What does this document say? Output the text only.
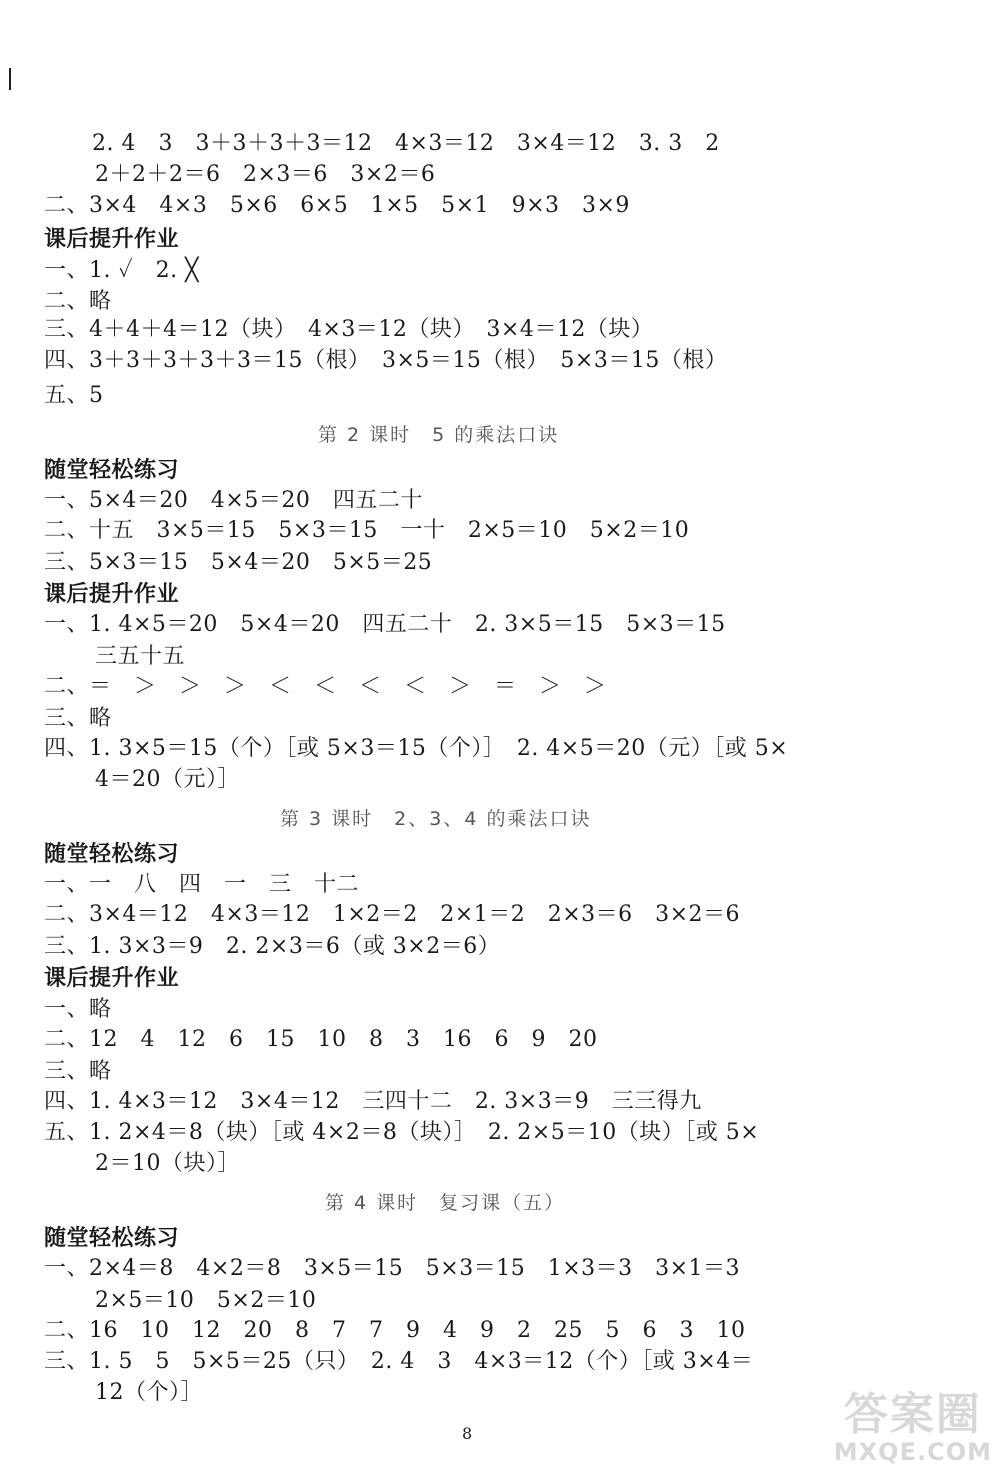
2. 4　3　3＋3＋3＋3＝12　4×3＝12　3×4＝12　3. 3　2
2＋2＋2＝6　2×3＝6　3×2＝6
二、3×4　4×3　5×6　6×5　1×5　5×1　9×3　3×9
课后提升作业
一、1. ✓　2. ╳
二、略
三、4＋4＋4＝12（块）　4×3＝12（块）　3×4＝12（块）
四、3＋3＋3＋3＋3＝15（根）　3×5＝15（根）　5×3＝15（根）
五、5
第 2 课时　5 的乘法口诀
随堂轻松练习
一、5×4＝20　4×5＝20　四五二十
二、十五　3×5＝15　5×3＝15　一十　2×5＝10　5×2＝10
三、5×3＝15　5×4＝20　5×5＝25
课后提升作业
一、1. 4×5＝20　5×4＝20　四五二十　2. 3×5＝15　5×3＝15
三五十五
二、＝　＞　＞　＞　＜　＜　＜　＜　＞　＝　＞　＞
三、略
四、1. 3×5＝15（个）［或 5×3＝15（个）］　2. 4×5＝20（元）［或 5×
4＝20（元）］
第 3 课时　2、3、4 的乘法口诀
随堂轻松练习
一、一　八　四　一　三　十二
二、3×4＝12　4×3＝12　1×2＝2　2×1＝2　2×3＝6　3×2＝6
三、1. 3×3＝9　2. 2×3＝6（或 3×2＝6）
课后提升作业
一、略
二、12　4　12　6　15　10　8　3　16　6　9　20
三、略
四、1. 4×3＝12　3×4＝12　三四十二　2. 3×3＝9　三三得九
五、1. 2×4＝8（块）［或 4×2＝8（块）］　2. 2×5＝10（块）［或 5×
2＝10（块）］
第 4 课时　复习课（五）
随堂轻松练习
一、2×4＝8　4×2＝8　3×5＝15　5×3＝15　1×3＝3　3×1＝3
2×5＝10　5×2＝10
二、16　10　12　20　8　7　7　9　4　9　2　25　5　6　3　10
三、1. 5　5　5×5＝25（只）　2. 4　3　4×3＝12（个）［或 3×4＝
12（个）］
8	答案圈
MXQE.COM
